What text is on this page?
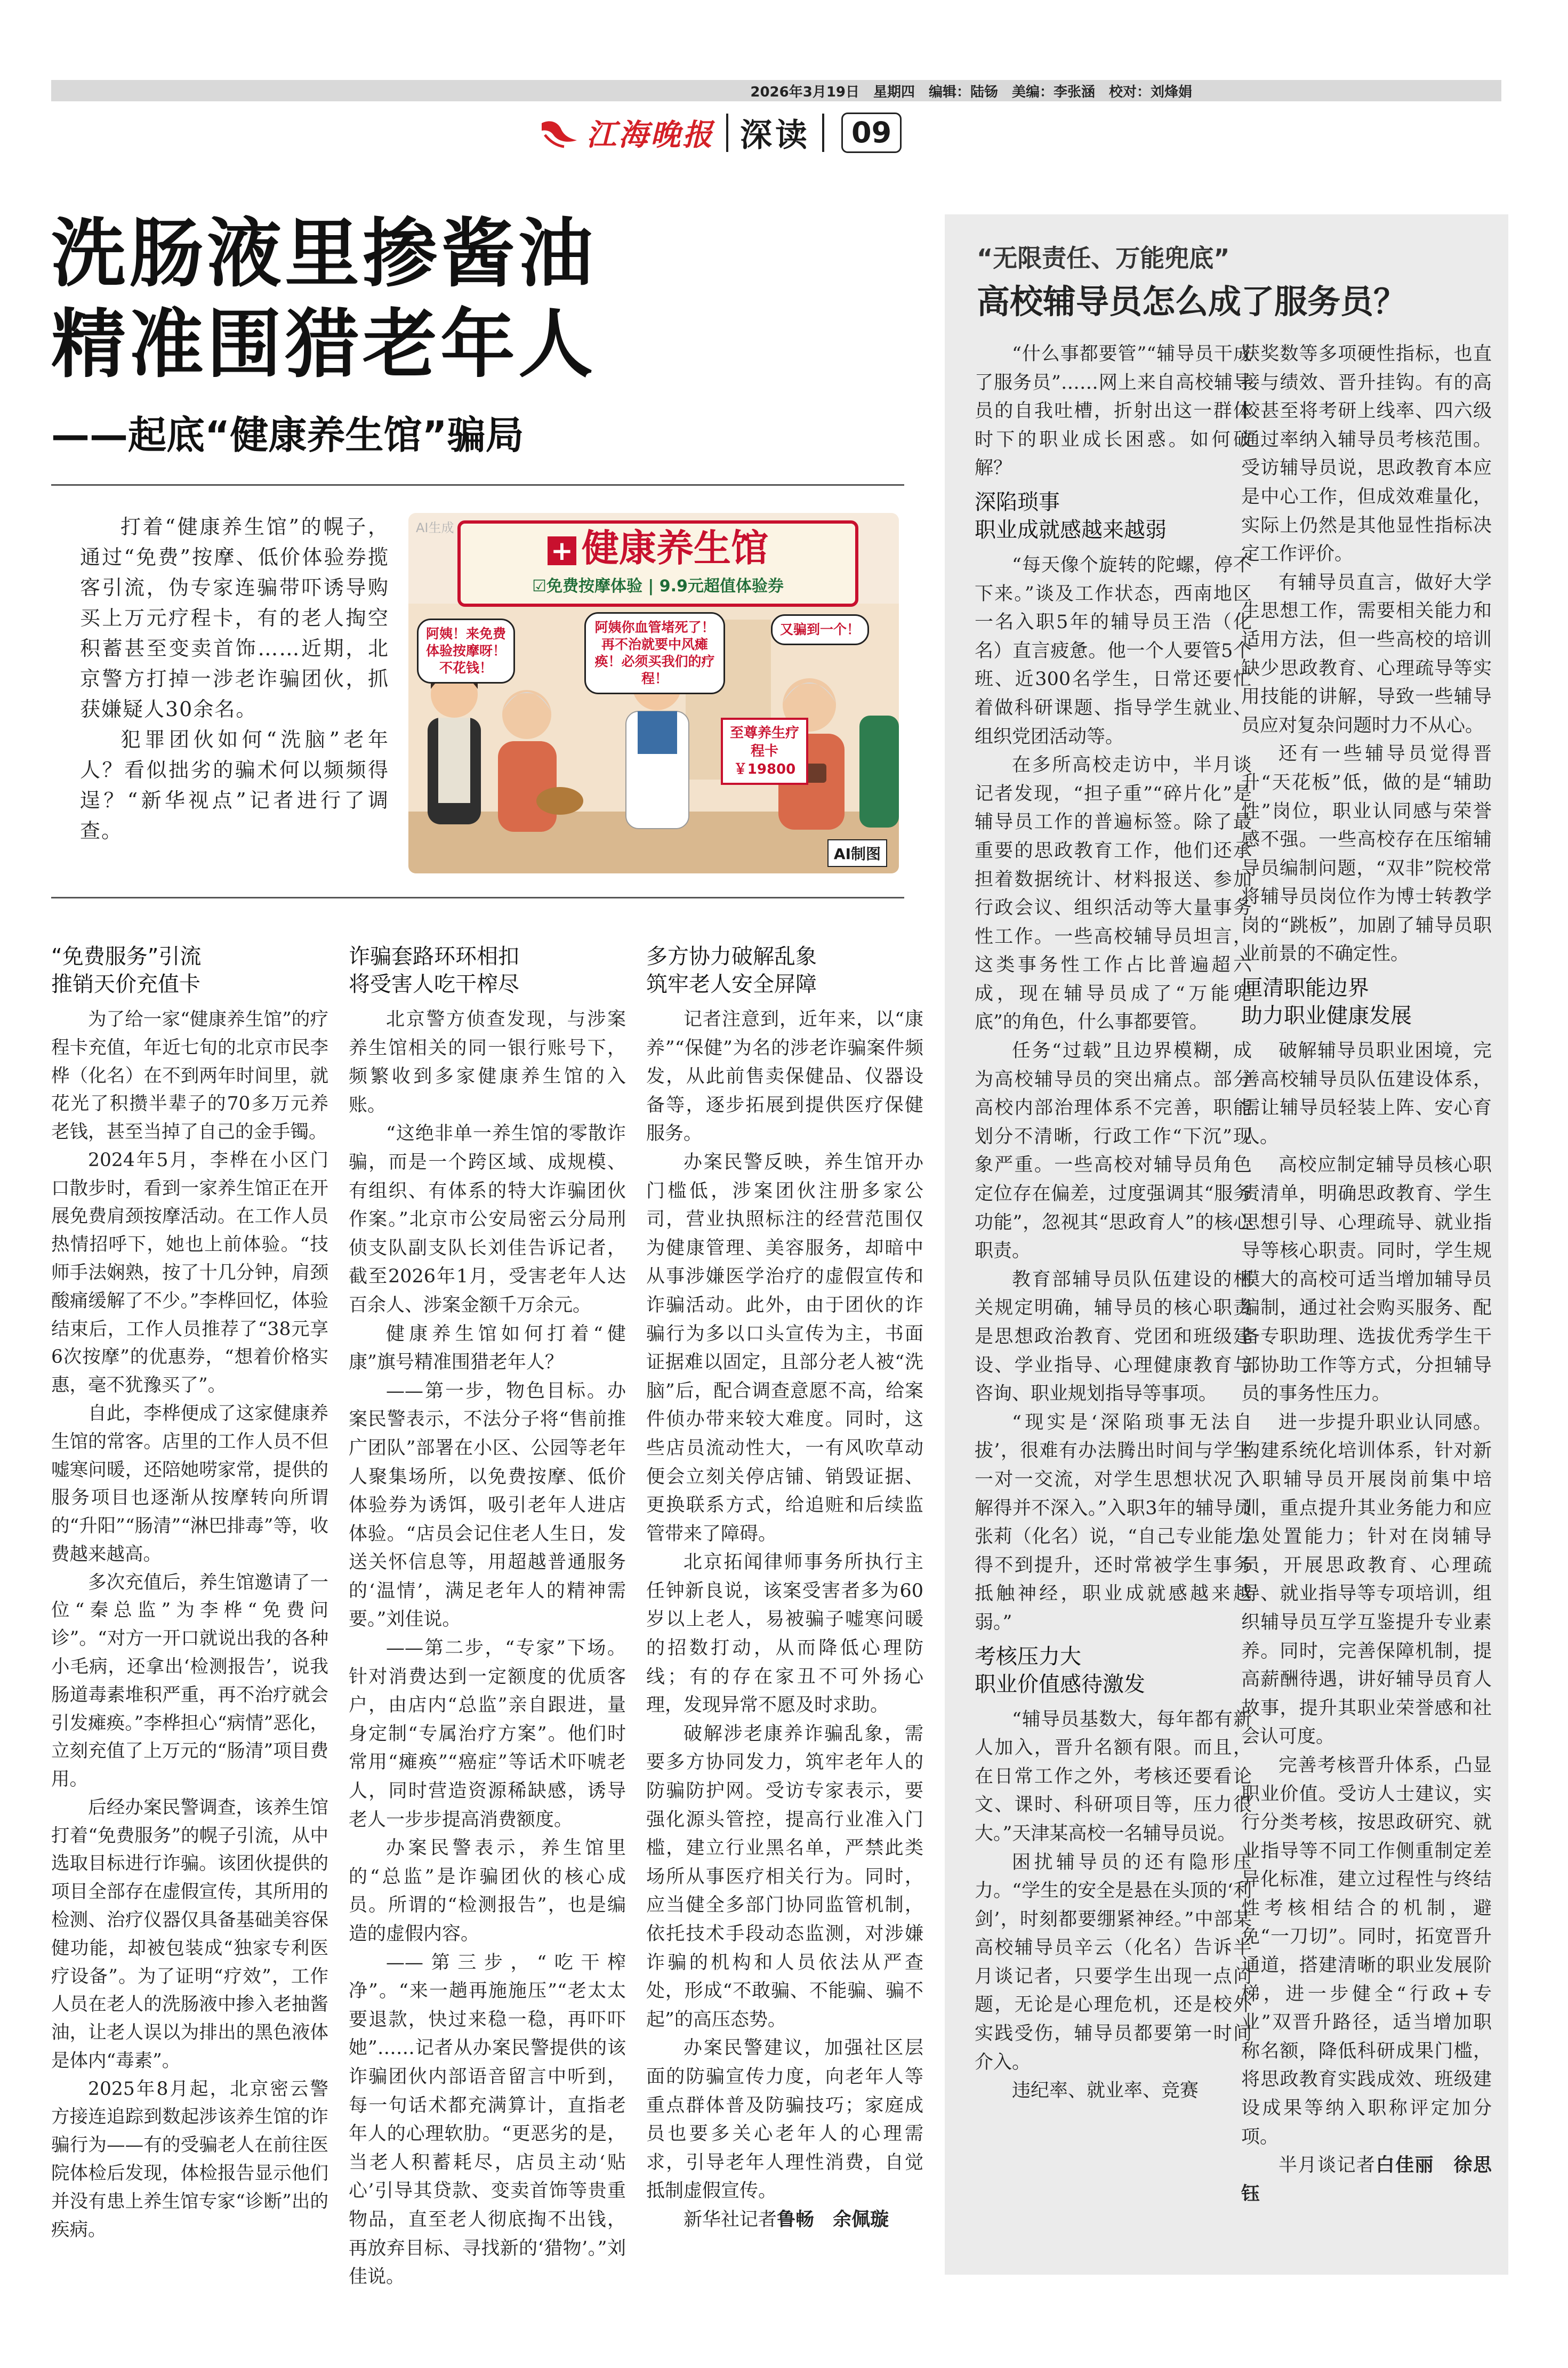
2026年3月19日　星期四　编辑：陆钖　美编：李张涵　校对：刘烽娟
江海晚报 深读	09
洗肠液里掺酱油
精准围猎老年人
——起底“健康养生馆”骗局

打着“健康养生馆”的幌子，通过“免费”按摩、低价体验券揽客引流，伪专家连骗带吓诱导购买上万元疗程卡，有的老人掏空积蓄甚至变卖首饰……近期，北京警方打掉一涉老诈骗团伙，抓获嫌疑人30余名。

犯罪团伙如何“洗脑”老年人？看似拙劣的骗术何以频频得逞？“新华视点”记者进行了调查。

AI生成
+ 健康养生馆
☑免费按摩体验 | 9.9元超值体验券
阿姨！来免费体验按摩呀！不花钱！
阿姨你血管堵死了！再不治就要中风瘫痪！必须买我们的疗程！
又骗到一个！
至尊养生疗程卡￥19800
AI制图
“免费服务”引流
推销天价充值卡

为了给一家“健康养生馆”的疗程卡充值，年近七旬的北京市民李桦（化名）在不到两年时间里，就花光了积攒半辈子的70多万元养老钱，甚至当掉了自己的金手镯。

2024年5月，李桦在小区门口散步时，看到一家养生馆正在开展免费肩颈按摩活动。在工作人员热情招呼下，她也上前体验。“技师手法娴熟，按了十几分钟，肩颈酸痛缓解了不少。”李桦回忆，体验结束后，工作人员推荐了“38元享6次按摩”的优惠券，“想着价格实惠，毫不犹豫买了”。

自此，李桦便成了这家健康养生馆的常客。店里的工作人员不但嘘寒问暖，还陪她唠家常，提供的服务项目也逐渐从按摩转向所谓的“升阳”“肠清”“淋巴排毒”等，收费越来越高。

多次充值后，养生馆邀请了一位“秦总监”为李桦“免费问诊”。“对方一开口就说出我的各种小毛病，还拿出‘检测报告’，说我肠道毒素堆积严重，再不治疗就会引发瘫痪。”李桦担心“病情”恶化，立刻充值了上万元的“肠清”项目费用。

后经办案民警调查，该养生馆打着“免费服务”的幌子引流，从中选取目标进行诈骗。该团伙提供的项目全部存在虚假宣传，其所用的检测、治疗仪器仅具备基础美容保健功能，却被包装成“独家专利医疗设备”。为了证明“疗效”，工作人员在老人的洗肠液中掺入老抽酱油，让老人误以为排出的黑色液体是体内“毒素”。

2025年8月起，北京密云警方接连追踪到数起涉该养生馆的诈骗行为——有的受骗老人在前往医院体检后发现，体检报告显示他们并没有患上养生馆专家“诊断”出的疾病。

诈骗套路环环相扣
将受害人吃干榨尽

北京警方侦查发现，与涉案养生馆相关的同一银行账号下，频繁收到多家健康养生馆的入账。

“这绝非单一养生馆的零散诈骗，而是一个跨区域、成规模、有组织、有体系的特大诈骗团伙作案。”北京市公安局密云分局刑侦支队副支队长刘佳告诉记者，截至2026年1月，受害老年人达百余人、涉案金额千万余元。

健康养生馆如何打着“健康”旗号精准围猎老年人？

——第一步，物色目标。办案民警表示，不法分子将“售前推广团队”部署在小区、公园等老年人聚集场所，以免费按摩、低价体验券为诱饵，吸引老年人进店体验。“店员会记住老人生日，发送关怀信息等，用超越普通服务的‘温情’，满足老年人的精神需要。”刘佳说。

——第二步，“专家”下场。针对消费达到一定额度的优质客户，由店内“总监”亲自跟进，量身定制“专属治疗方案”。他们时常用“瘫痪”“癌症”等话术吓唬老人，同时营造资源稀缺感，诱导老人一步步提高消费额度。

办案民警表示，养生馆里的“总监”是诈骗团伙的核心成员。所谓的“检测报告”，也是编造的虚假内容。

——第三步，“吃干榨净”。“来一趟再施施压”“老太太要退款，快过来稳一稳，再吓吓她”……记者从办案民警提供的该诈骗团伙内部语音留言中听到，每一句话术都充满算计，直指老年人的心理软肋。“更恶劣的是，当老人积蓄耗尽，店员主动‘贴心’引导其贷款、变卖首饰等贵重物品，直至老人彻底掏不出钱，再放弃目标、寻找新的‘猎物’。”刘佳说。

多方协力破解乱象
筑牢老人安全屏障

记者注意到，近年来，以“康养”“保健”为名的涉老诈骗案件频发，从此前售卖保健品、仪器设备等，逐步拓展到提供医疗保健服务。

办案民警反映，养生馆开办门槛低，涉案团伙注册多家公司，营业执照标注的经营范围仅为健康管理、美容服务，却暗中从事涉嫌医学治疗的虚假宣传和诈骗活动。此外，由于团伙的诈骗行为多以口头宣传为主，书面证据难以固定，且部分老人被“洗脑”后，配合调查意愿不高，给案件侦办带来较大难度。同时，这些店员流动性大，一有风吹草动便会立刻关停店铺、销毁证据、更换联系方式，给追赃和后续监管带来了障碍。

北京拓闻律师事务所执行主任钟新良说，该案受害者多为60岁以上老人，易被骗子嘘寒问暖的招数打动，从而降低心理防线；有的存在家丑不可外扬心理，发现异常不愿及时求助。

破解涉老康养诈骗乱象，需要多方协同发力，筑牢老年人的防骗防护网。受访专家表示，要强化源头管控，提高行业准入门槛，建立行业黑名单，严禁此类场所从事医疗相关行为。同时，应当健全多部门协同监管机制，依托技术手段动态监测，对涉嫌诈骗的机构和人员依法从严查处，形成“不敢骗、不能骗、骗不起”的高压态势。

办案民警建议，加强社区层面的防骗宣传力度，向老年人等重点群体普及防骗技巧；家庭成员也要多关心老年人的心理需求，引导老年人理性消费，自觉抵制虚假宣传。

新华社记者鲁畅　余佩璇

“无限责任、万能兜底”
高校辅导员怎么成了服务员？

“什么事都要管”“辅导员干成了服务员”……网上来自高校辅导员的自我吐槽，折射出这一群体时下的职业成长困惑。如何破解？

深陷琐事
职业成就感越来越弱

“每天像个旋转的陀螺，停不下来。”谈及工作状态，西南地区一名入职5年的辅导员王浩（化名）直言疲惫。他一个人要管5个班、近300名学生，日常还要忙着做科研课题、指导学生就业、组织党团活动等。

在多所高校走访中，半月谈记者发现，“担子重”“碎片化”是辅导员工作的普遍标签。除了最重要的思政教育工作，他们还承担着数据统计、材料报送、参加行政会议、组织活动等大量事务性工作。一些高校辅导员坦言，这类事务性工作占比普遍超六成，现在辅导员成了“万能兜底”的角色，什么事都要管。

任务“过载”且边界模糊，成为高校辅导员的突出痛点。部分高校内部治理体系不完善，职能划分不清晰，行政工作“下沉”现象严重。一些高校对辅导员角色定位存在偏差，过度强调其“服务功能”，忽视其“思政育人”的核心职责。

教育部辅导员队伍建设的相关规定明确，辅导员的核心职责是思想政治教育、党团和班级建设、学业指导、心理健康教育与咨询、职业规划指导等事项。

“现实是‘深陷琐事无法自拔’，很难有办法腾出时间与学生一对一交流，对学生思想状况了解得并不深入。”入职3年的辅导员张莉（化名）说，“自己专业能力得不到提升，还时常被学生事务抵触神经，职业成就感越来越弱。”

考核压力大
职业价值感待激发

“辅导员基数大，每年都有新人加入，晋升名额有限。而且，在日常工作之外，考核还要看论文、课时、科研项目等，压力很大。”天津某高校一名辅导员说。

困扰辅导员的还有隐形压力。“学生的安全是悬在头顶的‘利剑’，时刻都要绷紧神经。”中部某高校辅导员辛云（化名）告诉半月谈记者，只要学生出现一点问题，无论是心理危机，还是校外实践受伤，辅导员都要第一时间介入。

违纪率、就业率、竞赛

获奖数等多项硬性指标，也直接与绩效、晋升挂钩。有的高校甚至将考研上线率、四六级通过率纳入辅导员考核范围。受访辅导员说，思政教育本应是中心工作，但成效难量化，实际上仍然是其他显性指标决定工作评价。

有辅导员直言，做好大学生思想工作，需要相关能力和适用方法，但一些高校的培训缺少思政教育、心理疏导等实用技能的讲解，导致一些辅导员应对复杂问题时力不从心。

还有一些辅导员觉得晋升“天花板”低，做的是“辅助性”岗位，职业认同感与荣誉感不强。一些高校存在压缩辅导员编制问题，“双非”院校常将辅导员岗位作为博士转教学岗的“跳板”，加剧了辅导员职业前景的不确定性。

厘清职能边界
助力职业健康发展

破解辅导员职业困境，完善高校辅导员队伍建设体系，需让辅导员轻装上阵、安心育人。

高校应制定辅导员核心职责清单，明确思政教育、学生思想引导、心理疏导、就业指导等核心职责。同时，学生规模大的高校可适当增加辅导员编制，通过社会购买服务、配备专职助理、选拔优秀学生干部协助工作等方式，分担辅导员的事务性压力。

进一步提升职业认同感。构建系统化培训体系，针对新入职辅导员开展岗前集中培训，重点提升其业务能力和应急处置能力；针对在岗辅导员，开展思政教育、心理疏导、就业指导等专项培训，组织辅导员互学互鉴提升专业素养。同时，完善保障机制，提高薪酬待遇，讲好辅导员育人故事，提升其职业荣誉感和社会认可度。

完善考核晋升体系，凸显职业价值。受访人士建议，实行分类考核，按思政研究、就业指导等不同工作侧重制定差异化标准，建立过程性与终结性考核相结合的机制，避免“一刀切”。同时，拓宽晋升通道，搭建清晰的职业发展阶梯，进一步健全“行政+专业”双晋升路径，适当增加职称名额，降低科研成果门槛，将思政教育实践成效、班级建设成果等纳入职称评定加分项。

半月谈记者白佳丽　徐思钰
